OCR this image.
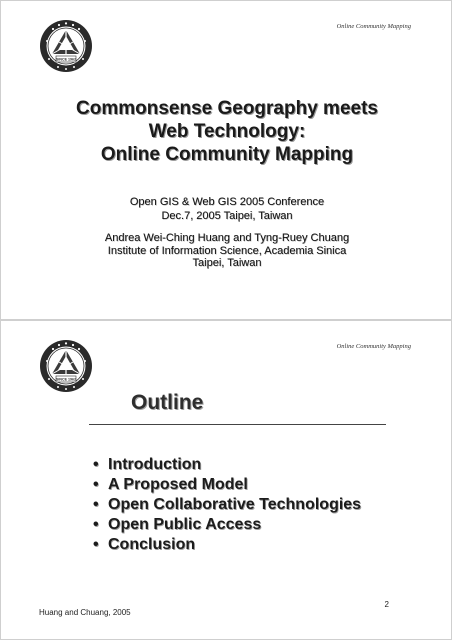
Online Community Mapping
SINCE 1962
Commonsense Geography meets
Web Technology:
Online Community Mapping
Open GIS & Web GIS 2005 Conference
Dec.7, 2005 Taipei, Taiwan
Andrea Wei-Ching Huang and Tyng-Ruey Chuang
Institute of Information Science, Academia Sinica
Taipei, Taiwan
Online Community Mapping
SINCE 1962
Outline
• Introduction
• A Proposed Model
• Open Collaborative Technologies
• Open Public Access
• Conclusion
2
Huang and Chuang, 2005
